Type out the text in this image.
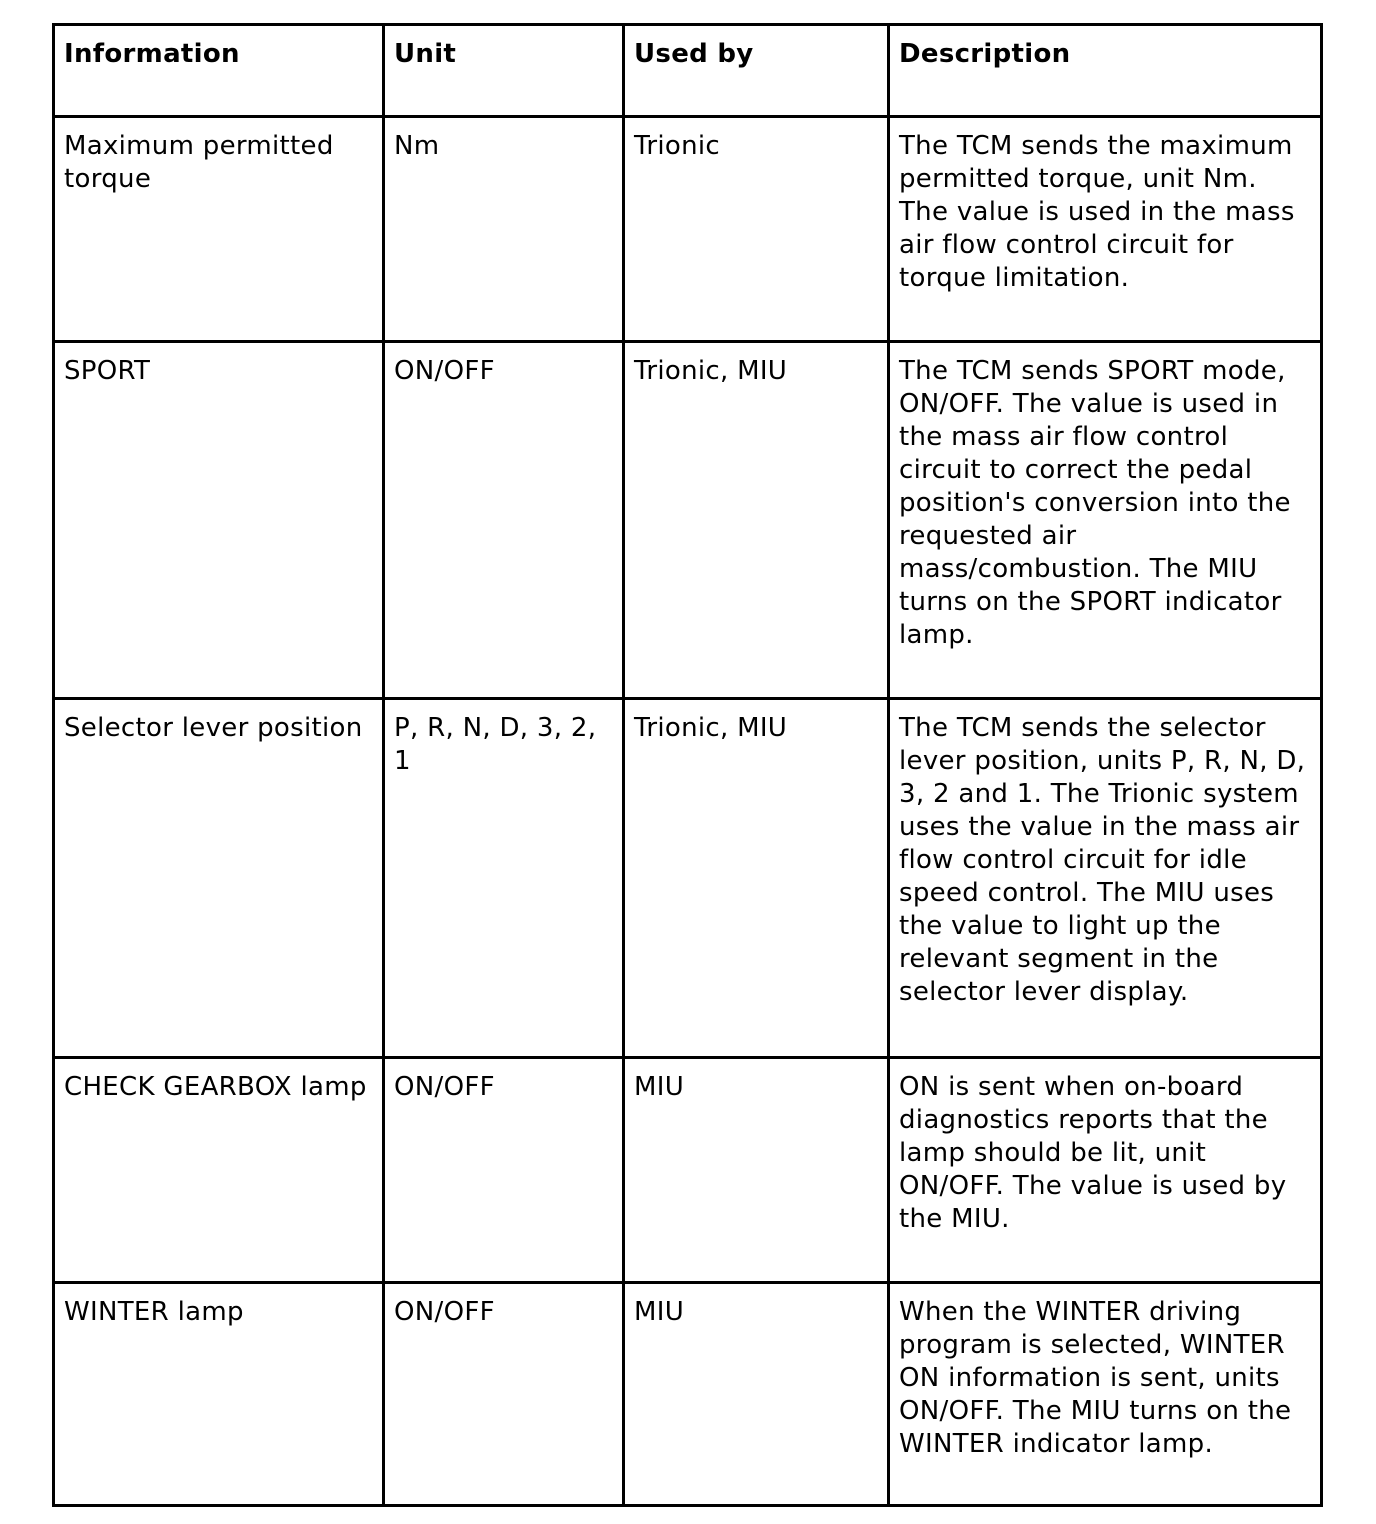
Information	Unit	Used by	Description
Maximum permitted torque	Nm	Trionic	The TCM sends the maximum permitted torque, unit Nm. The value is used in the mass air flow control circuit for torque limitation.
SPORT	ON/OFF	Trionic, MIU	The TCM sends SPORT mode, ON/OFF. The value is used in the mass air flow control circuit to correct the pedal position's conversion into the requested air mass/combustion. The MIU turns on the SPORT indicator lamp.
Selector lever position	P, R, N, D, 3, 2, 1	Trionic, MIU	The TCM sends the selector lever position, units P, R, N, D, 3, 2 and 1. The Trionic system uses the value in the mass air flow control circuit for idle speed control. The MIU uses the value to light up the relevant segment in the selector lever display.
CHECK GEARBOX lamp	ON/OFF	MIU	ON is sent when on-board diagnostics reports that the lamp should be lit, unit ON/OFF. The value is used by the MIU.
WINTER lamp	ON/OFF	MIU	When the WINTER driving program is selected, WINTER ON information is sent, units ON/OFF. The MIU turns on the WINTER indicator lamp.
